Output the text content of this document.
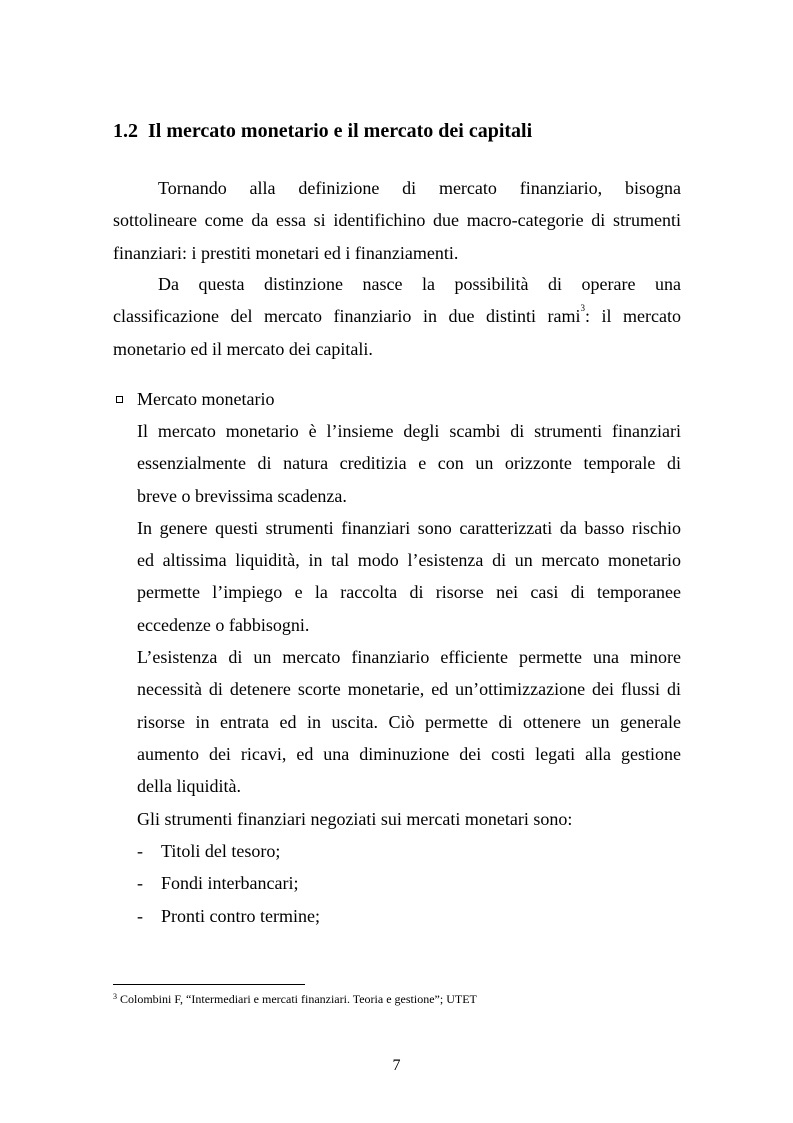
1.2 Il mercato monetario e il mercato dei capitali
Tornando alla definizione di mercato finanziario, bisogna
sottolineare come da essa si identifichino due macro-categorie di strumenti
finanziari: i prestiti monetari ed i finanziamenti.
Da questa distinzione nasce la possibilità di operare una
classificazione del mercato finanziario in due distinti rami$^3$: il mercato
monetario ed il mercato dei capitali.
Mercato monetario
Il mercato monetario è l’insieme degli scambi di strumenti finanziari
essenzialmente di natura creditizia e con un orizzonte temporale di
breve o brevissima scadenza.
In genere questi strumenti finanziari sono caratterizzati da basso rischio
ed altissima liquidità, in tal modo l’esistenza di un mercato monetario
permette l’impiego e la raccolta di risorse nei casi di temporanee
eccedenze o fabbisogni.
L’esistenza di un mercato finanziario efficiente permette una minore
necessità di detenere scorte monetarie, ed un’ottimizzazione dei flussi di
risorse in entrata ed in uscita. Ciò permette di ottenere un generale
aumento dei ricavi, ed una diminuzione dei costi legati alla gestione
della liquidità.
Gli strumenti finanziari negoziati sui mercati monetari sono:
- Titoli del tesoro;
- Fondi interbancari;
- Pronti contro termine;
$^3$ Colombini F, “Intermediari e mercati finanziari. Teoria e gestione”; UTET
7
